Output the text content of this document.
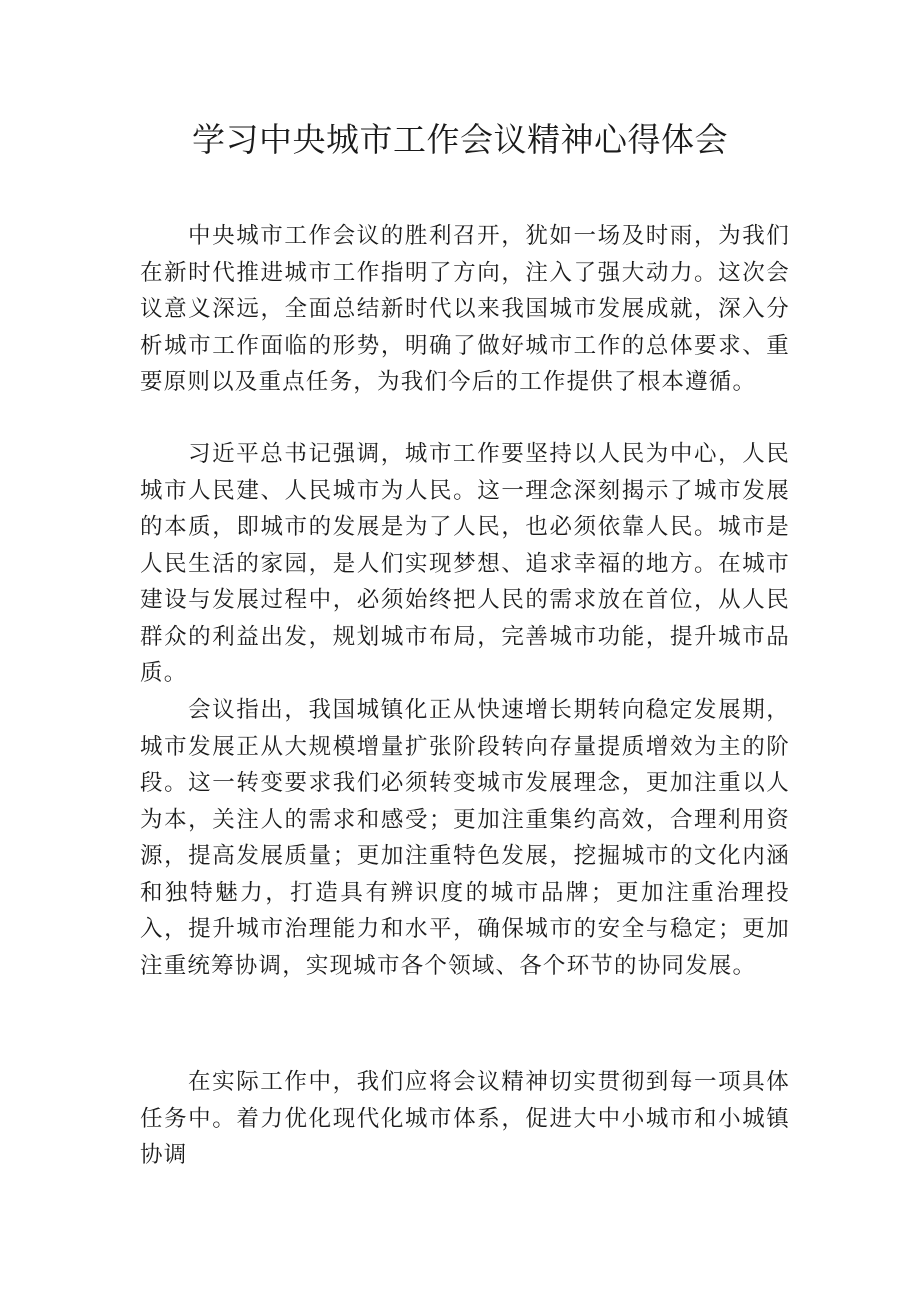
学习中央城市工作会议精神心得体会

中央城市工作会议的胜利召开，犹如一场及时雨，为我们在新时代推进城市工作指明了方向，注入了强大动力。这次会议意义深远，全面总结新时代以来我国城市发展成就，深入分析城市工作面临的形势，明确了做好城市工作的总体要求、重要原则以及重点任务，为我们今后的工作提供了根本遵循。

习近平总书记强调，城市工作要坚持以人民为中心，人民城市人民建、人民城市为人民。这一理念深刻揭示了城市发展的本质，即城市的发展是为了人民，也必须依靠人民。城市是人民生活的家园，是人们实现梦想、追求幸福的地方。在城市建设与发展过程中，必须始终把人民的需求放在首位，从人民群众的利益出发，规划城市布局，完善城市功能，提升城市品质。

会议指出，我国城镇化正从快速增长期转向稳定发展期，城市发展正从大规模增量扩张阶段转向存量提质增效为主的阶段。这一转变要求我们必须转变城市发展理念，更加注重以人为本，关注人的需求和感受；更加注重集约高效，合理利用资源，提高发展质量；更加注重特色发展，挖掘城市的文化内涵和独特魅力，打造具有辨识度的城市品牌；更加注重治理投入，提升城市治理能力和水平，确保城市的安全与稳定；更加注重统筹协调，实现城市各个领域、各个环节的协同发展。

在实际工作中，我们应将会议精神切实贯彻到每一项具体任务中。着力优化现代化城市体系，促进大中小城市和小城镇协调
